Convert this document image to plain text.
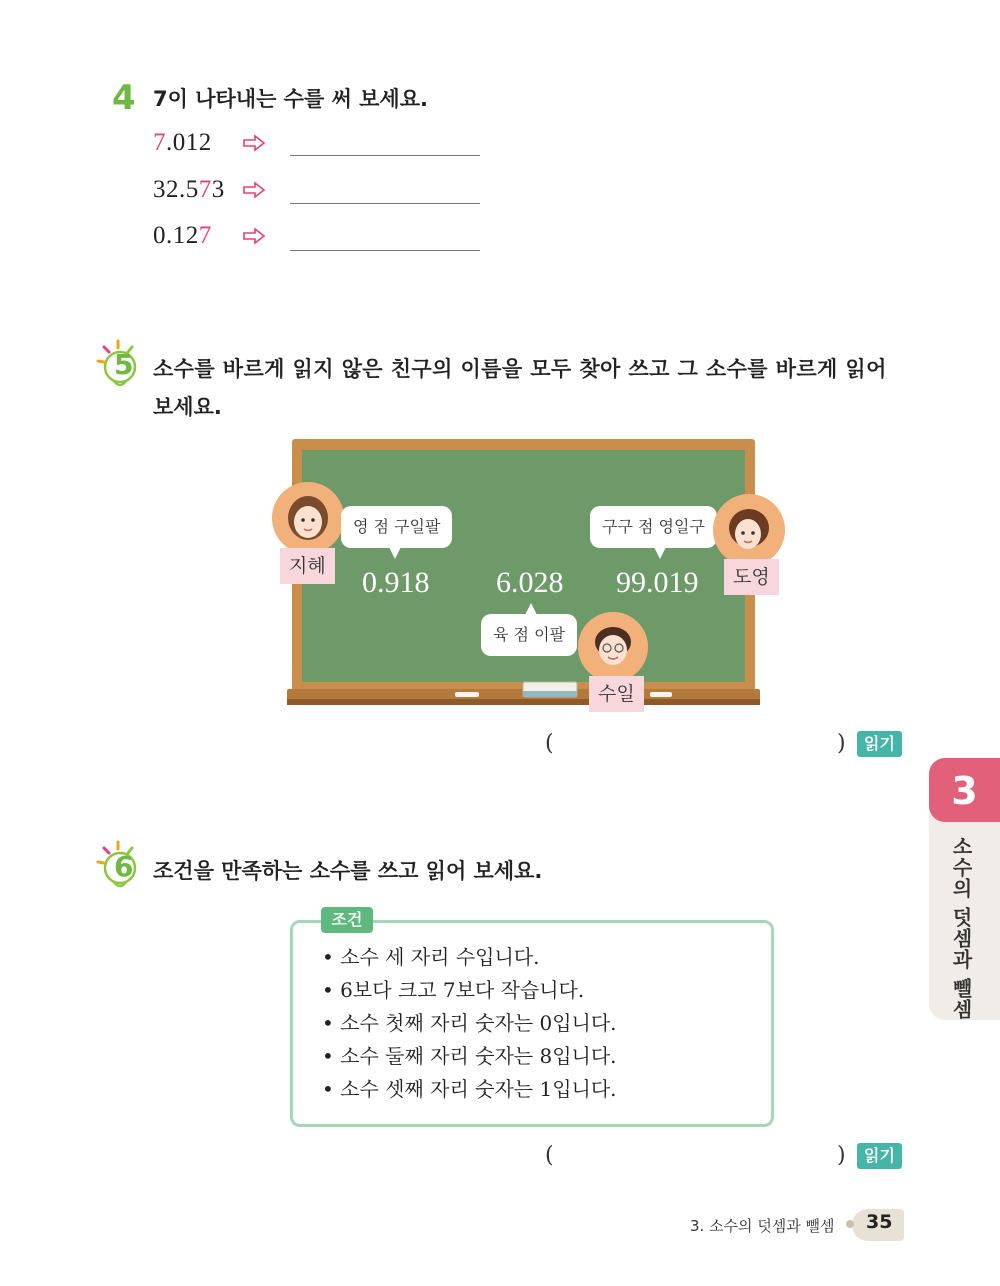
4 7이 나타내는 수를 써 보세요.
7.012
32.573
0.127
5 소수를 바르게 읽지 않은 친구의 이름을 모두 찾아 쓰고 그 소수를 바르게 읽어
보세요.
영 점 구일팔
지혜	0.918 6.028
육 점 이팔
수일
구구 점 영일구
99.019	도영
(	)	읽기
3
소수의 덧셈과 뺄셈
6 조건을 만족하는 소수를 쓰고 읽어 보세요.
조건
• 소수 세 자리 수입니다.
• 6보다 크고 7보다 작습니다.
• 소수 첫째 자리 숫자는 0입니다.
• 소수 둘째 자리 숫자는 8입니다.
• 소수 셋째 자리 숫자는 1입니다.
(	)	읽기
3. 소수의 덧셈과 뺄셈 35
